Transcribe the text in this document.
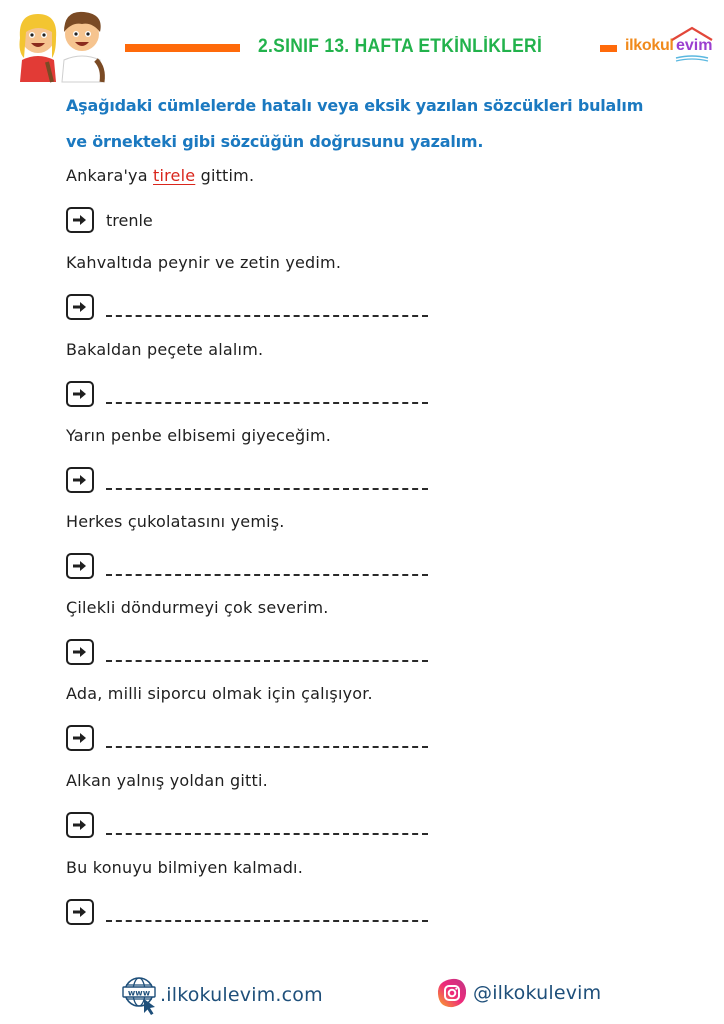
2.SINIF 13. HAFTA ETKİNLİKLERİ	ilkokul evim
Aşağıdaki cümlelerde hatalı veya eksik yazılan sözcükleri bulalım
ve örnekteki gibi sözcüğün doğrusunu yazalım.
Ankara'ya tirele gittim.
trenle
Kahvaltıda peynir ve zetin yedim.
Bakaldan peçete alalım.
Yarın penbe elbisemi giyeceğim.
Herkes çukolatasını yemiş.
Çilekli döndurmeyi çok severim.
Ada, milli siporcu olmak için çalışıyor.
Alkan yalnış yoldan gitti.
Bu konuyu bilmiyen kalmadı.
www .ilkokulevim.com	@ilkokulevim
